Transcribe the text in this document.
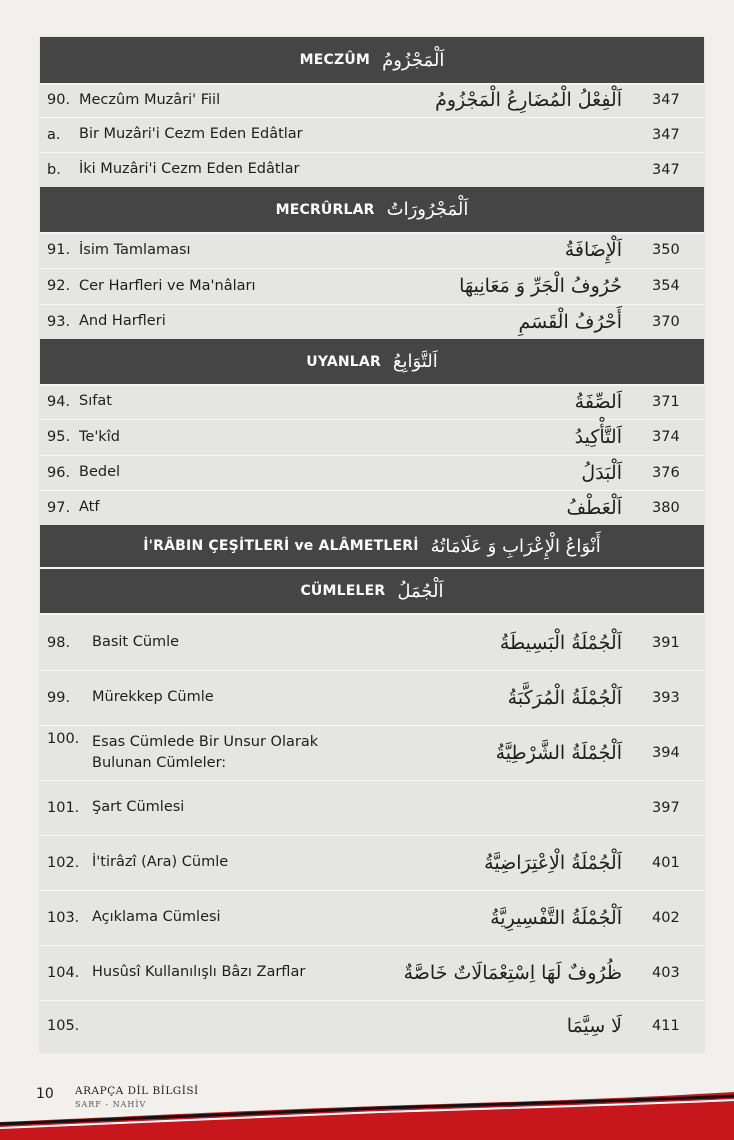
MECZÛM اَلْمَجْزُومُ
90. Meczûm Muzâri' Fiil	اَلْفِعْلُ الْمُضَارِعُ الْمَجْزُومُ 347
a.	Bir Muzâri'i Cezm Eden Edâtlar	347
b.	İki Muzâri'i Cezm Eden Edâtlar	347
MECRÛRLAR اَلْمَجْرُورَاتُ
91. İsim Tamlaması	اَلْإِضَافَةُ 350
92. Cer Harfleri ve Ma'nâları	حُرُوفُ الْجَرِّ وَ مَعَانِيهَا 354
93. And Harfleri	أَحْرُفُ الْقَسَمِ 370
UYANLAR اَلتَّوَابِعُ
94. Sıfat	اَلصِّفَةُ 371
95. Te'kîd	اَلتَّأْكِيدُ 374
96. Bedel	اَلْبَدَلُ 376
97. Atf	اَلْعَطْفُ 380
İ'RÂBIN ÇEŞİTLERİ ve ALÂMETLERİ أَنْوَاعُ الْإِعْرَابِ وَ عَلَامَاتُهُ
CÜMLELER اَلْجُمَلُ
98.	Basit Cümle	اَلْجُمْلَةُ الْبَسِيطَةُ 391
99.	Mürekkep Cümle	اَلْجُمْلَةُ الْمُرَكَّبَةُ 393
100. Esas Cümlede Bir Unsur Olarak Bulunan Cümleler:	اَلْجُمْلَةُ الشَّرْطِيَّةُ 394
101. Şart Cümlesi	397
102. İ'tirâzî (Ara) Cümle	اَلْجُمْلَةُ الْاِعْتِرَاضِيَّةُ 401
103. Açıklama Cümlesi	اَلْجُمْلَةُ التَّفْسِيرِيَّةُ 402
104. Husûsî Kullanılışlı Bâzı Zarflar	ظُرُوفٌ لَهَا اِسْتِعْمَالَاتٌ خَاصَّةٌ 403
105.	لَا سِيَّمَا 411
10 ARAPÇA DİL BİLGİSİ
SARF - NAHİV
